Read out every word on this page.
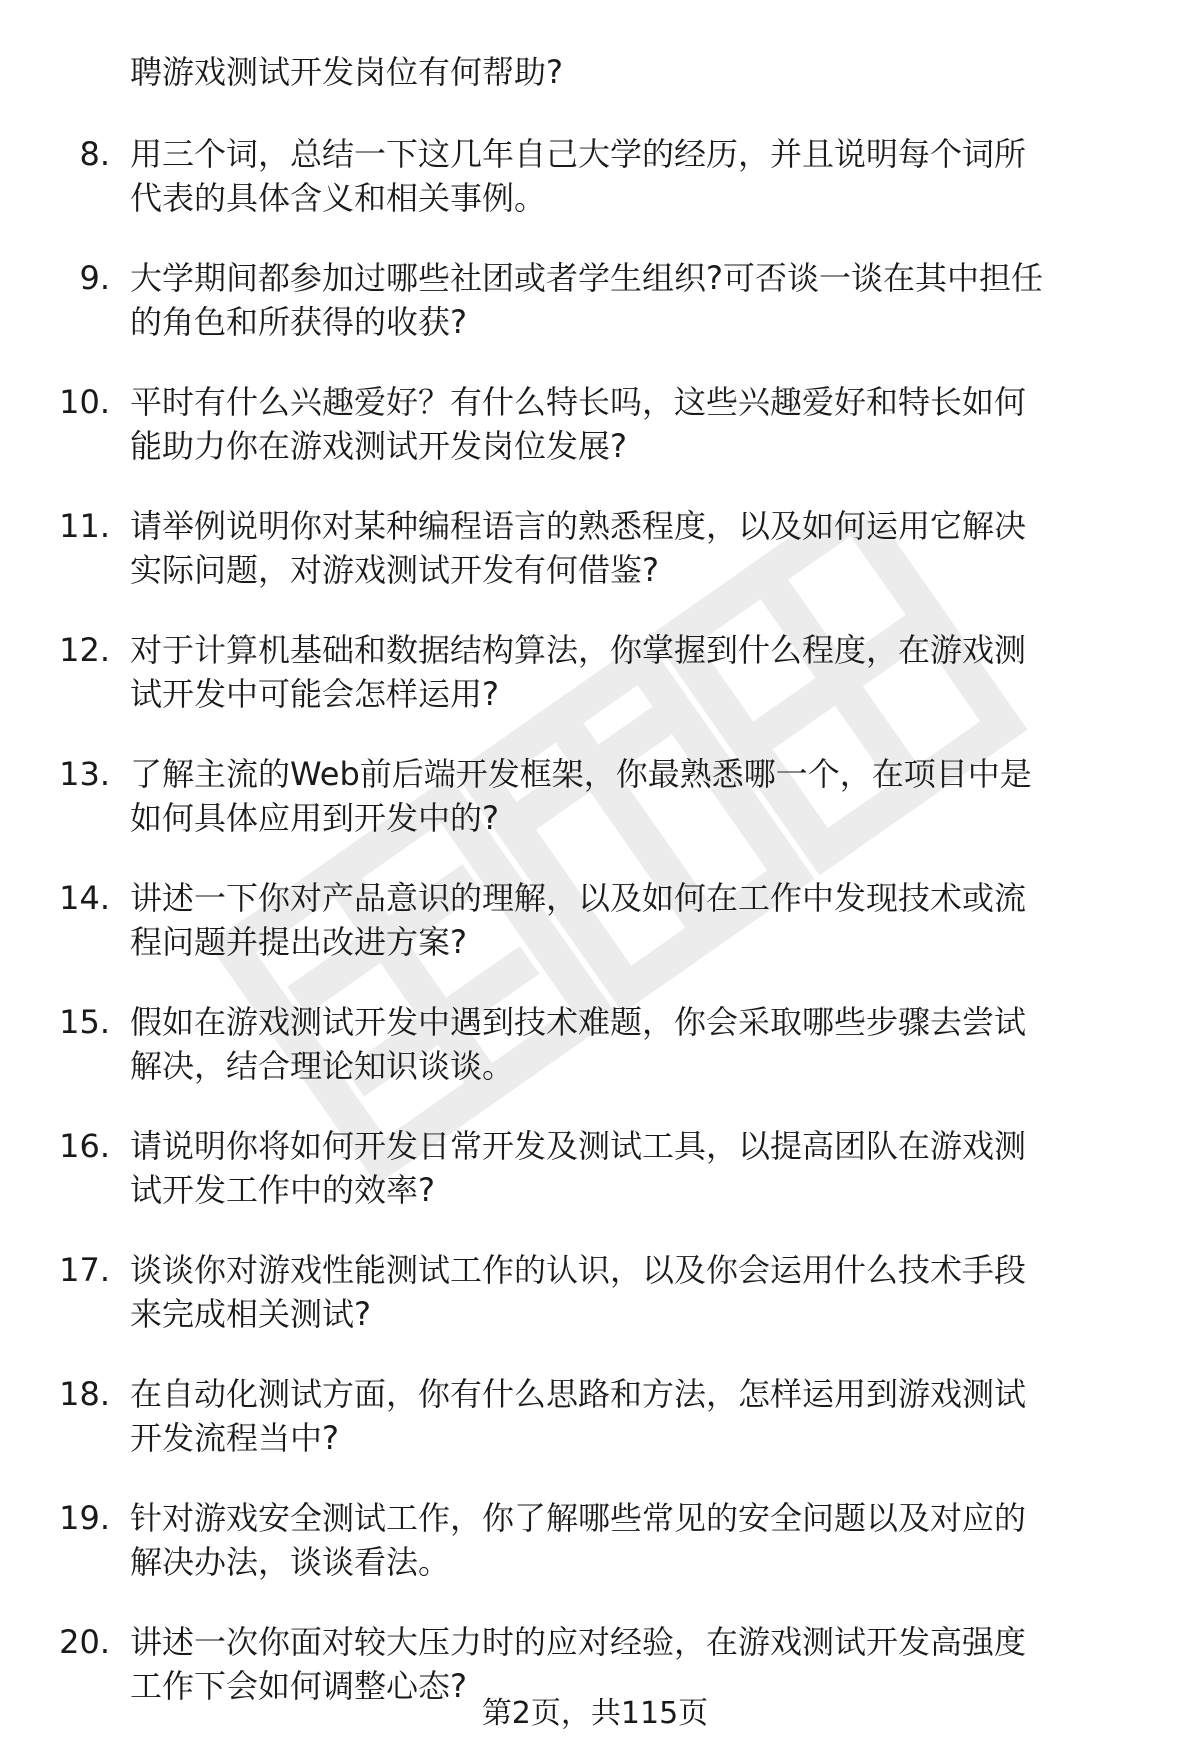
聘游戏测试开发岗位有何帮助?
8. 用三个词，总结一下这几年自己大学的经历，并且说明每个词所
代表的具体含义和相关事例。
9. 大学期间都参加过哪些社团或者学生组织?可否谈一谈在其中担任
的角色和所获得的收获?
10. 平时有什么兴趣爱好？有什么特长吗，这些兴趣爱好和特长如何
能助力你在游戏测试开发岗位发展?
11. 请举例说明你对某种编程语言的熟悉程度，以及如何运用它解决
实际问题，对游戏测试开发有何借鉴?
12. 对于计算机基础和数据结构算法，你掌握到什么程度，在游戏测
试开发中可能会怎样运用?
13. 了解主流的Web前后端开发框架，你最熟悉哪一个，在项目中是
如何具体应用到开发中的?
14. 讲述一下你对产品意识的理解，以及如何在工作中发现技术或流
程问题并提出改进方案?
15. 假如在游戏测试开发中遇到技术难题，你会采取哪些步骤去尝试
解决，结合理论知识谈谈。
16. 请说明你将如何开发日常开发及测试工具，以提高团队在游戏测
试开发工作中的效率?
17. 谈谈你对游戏性能测试工作的认识，以及你会运用什么技术手段
来完成相关测试?
18. 在自动化测试方面，你有什么思路和方法，怎样运用到游戏测试
开发流程当中?
19. 针对游戏安全测试工作，你了解哪些常见的安全问题以及对应的
解决办法，谈谈看法。
20. 讲述一次你面对较大压力时的应对经验，在游戏测试开发高强度
工作下会如何调整心态?
第2页，共115页
